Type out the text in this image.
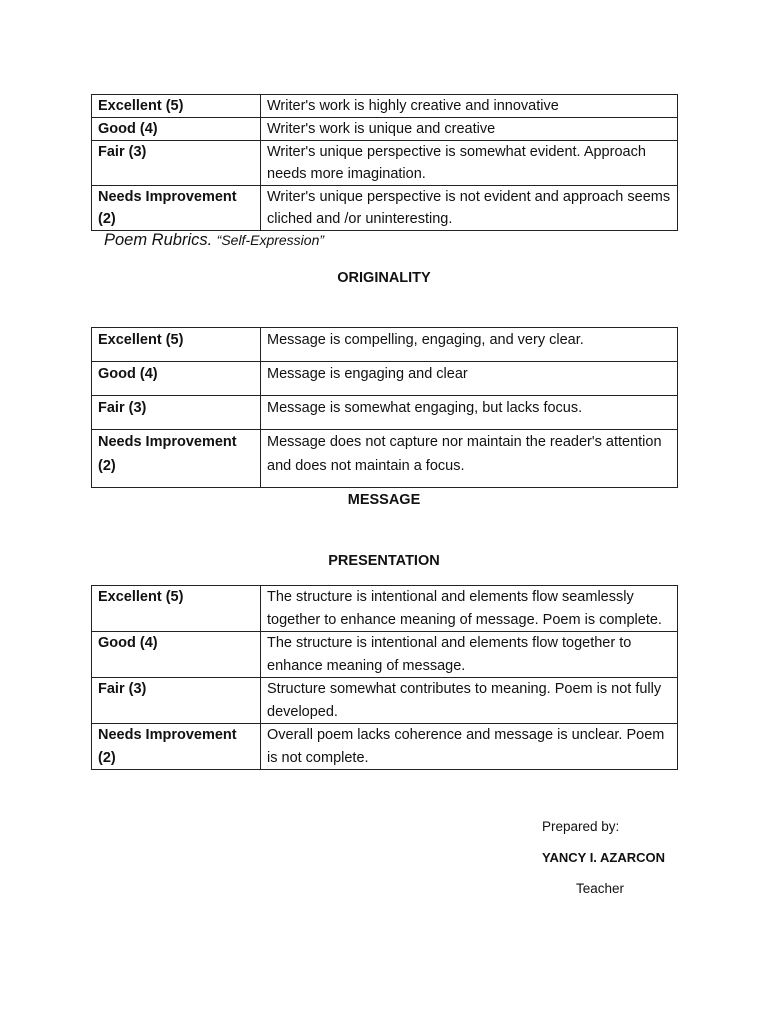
Excellent (5)	Writer's work is highly creative and innovative
Good (4)	Writer's work is unique and creative
Fair (3)	Writer's unique perspective is somewhat evident. Approach needs more imagination.
Needs Improvement (2)	Writer's unique perspective is not evident and approach seems cliched and /or uninteresting.
Poem Rubrics. “Self-Expression”
ORIGINALITY
Excellent (5)	Message is compelling, engaging, and very clear.
Good (4)	Message is engaging and clear
Fair (3)	Message is somewhat engaging, but lacks focus.
Needs Improvement (2)	Message does not capture nor maintain the reader's attention and does not maintain a focus.
MESSAGE
PRESENTATION
Excellent (5)	The structure is intentional and elements flow seamlessly together to enhance meaning of message. Poem is complete.
Good (4)	The structure is intentional and elements flow together to enhance meaning of message.
Fair (3)	Structure somewhat contributes to meaning. Poem is not fully developed.
Needs Improvement (2)	Overall poem lacks coherence and message is unclear. Poem is not complete.
Prepared by:
YANCY I. AZARCON
Teacher
